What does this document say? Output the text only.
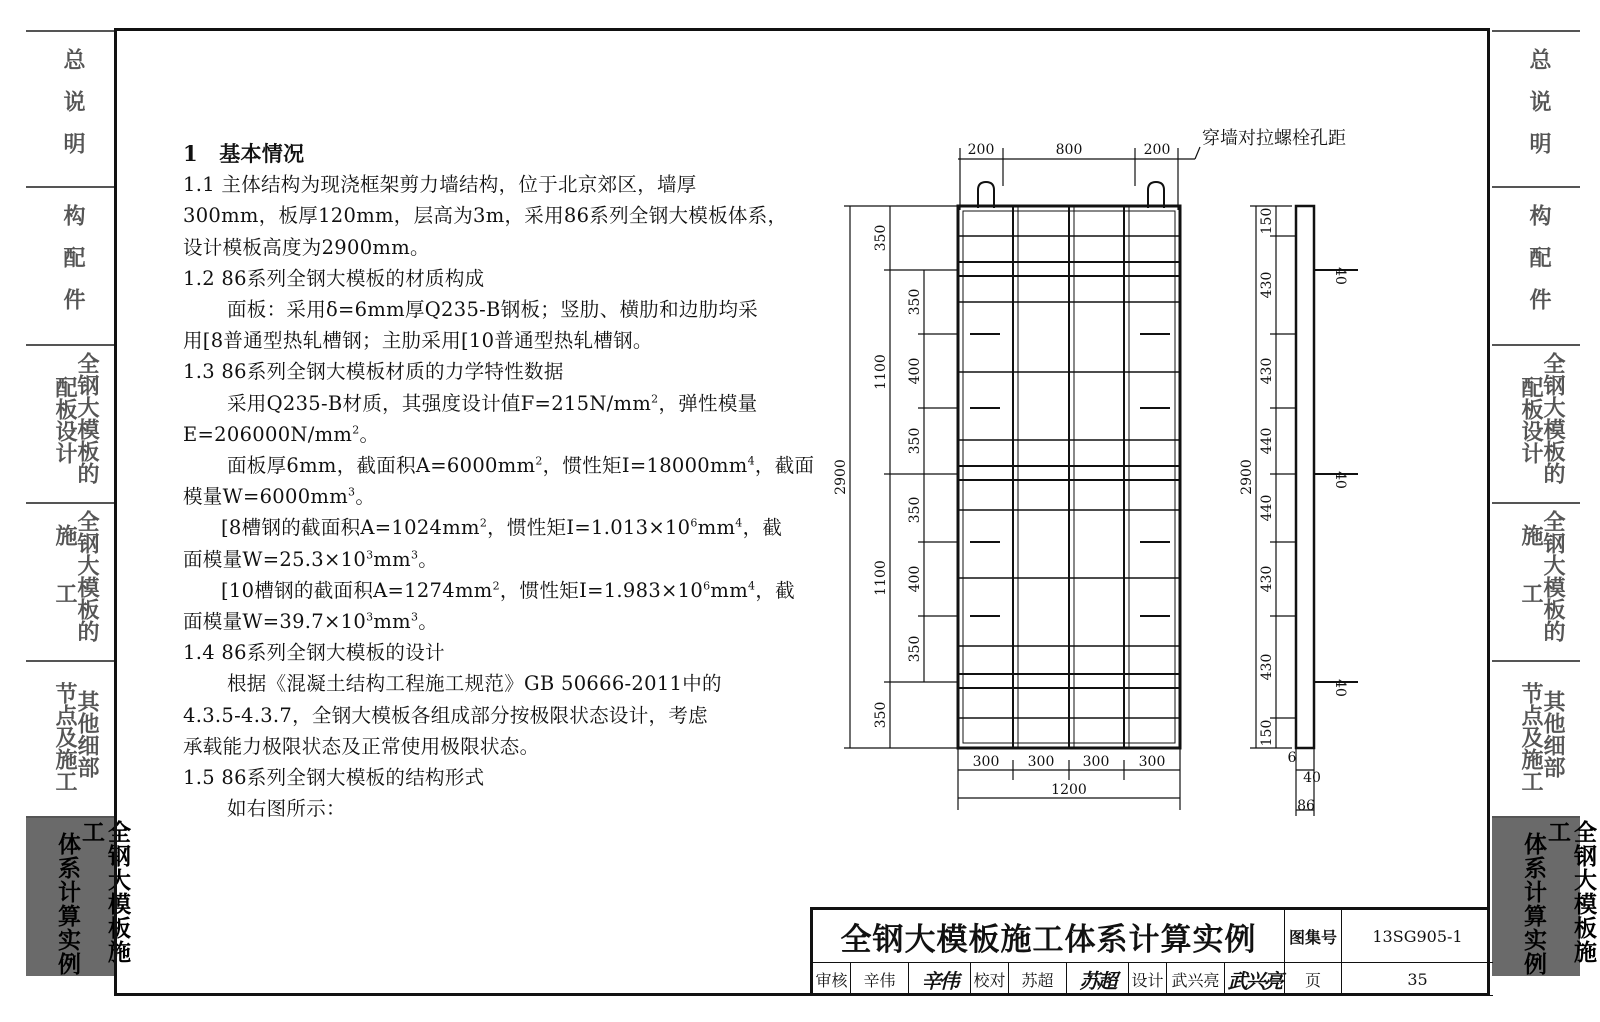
总说明
构配件
全钢大模板的
配板设计
全钢大模板的
施工
其他细部
节点及施工
全钢大模板施工
体系计算实例
总说明
构配件
全钢大模板的
配板设计
全钢大模板的
施工
其他细部
节点及施工
全钢大模板施工
体系计算实例

1　基本情况

1.1 主体结构为现浇框架剪力墙结构，位于北京郊区，墙厚

300mm，板厚120mm，层高为3m，采用86系列全钢大模板体系，

设计模板高度为2900mm。

1.2 86系列全钢大模板的材质构成

面板：采用δ=6mm厚Q235-B钢板；竖肋、横肋和边肋均采

用[8普通型热轧槽钢；主肋采用[10普通型热轧槽钢。

1.3 86系列全钢大模板材质的力学特性数据

采用Q235-B材质，其强度设计值$F=215N/mm^2$，弹性模量

$E=206000N/mm^2$。

面板厚6mm，截面积$A=6000mm^2$，惯性矩$I=18000mm^4$，截面

模量$W=6000mm^3$。

[8槽钢的截面积$A=1024mm^2$，惯性矩$I=1.013\times 10^6mm^4$，截

面模量$W=25.3\times 10^3mm^3$。

[10槽钢的截面积$A=1274mm^2$，惯性矩$I=1.983\times 10^6mm^4$，截

面模量$W=39.7\times 10^3mm^3$。

1.4 86系列全钢大模板的设计

根据《混凝土结构工程施工规范》GB 50666-2011中的

4.3.5-4.3.7，全钢大模板各组成部分按极限状态设计，考虑

承载能力极限状态及正常使用极限状态。

1.5 86系列全钢大模板的结构形式

如右图所示：

200	800	200
300 300 300 300
1200
2900
350
1100
1100
350
350
400
350
350
400
350
2900
150
430
430
440
440
430
430
150
40
40
40
6
40
86
穿墙对拉螺栓孔距
全钢大模板施工体系计算实例 图集号	13SG905-1
审核 辛伟	辛伟 校对 苏超	苏超 设计 武兴亮 武兴亮	页	35
